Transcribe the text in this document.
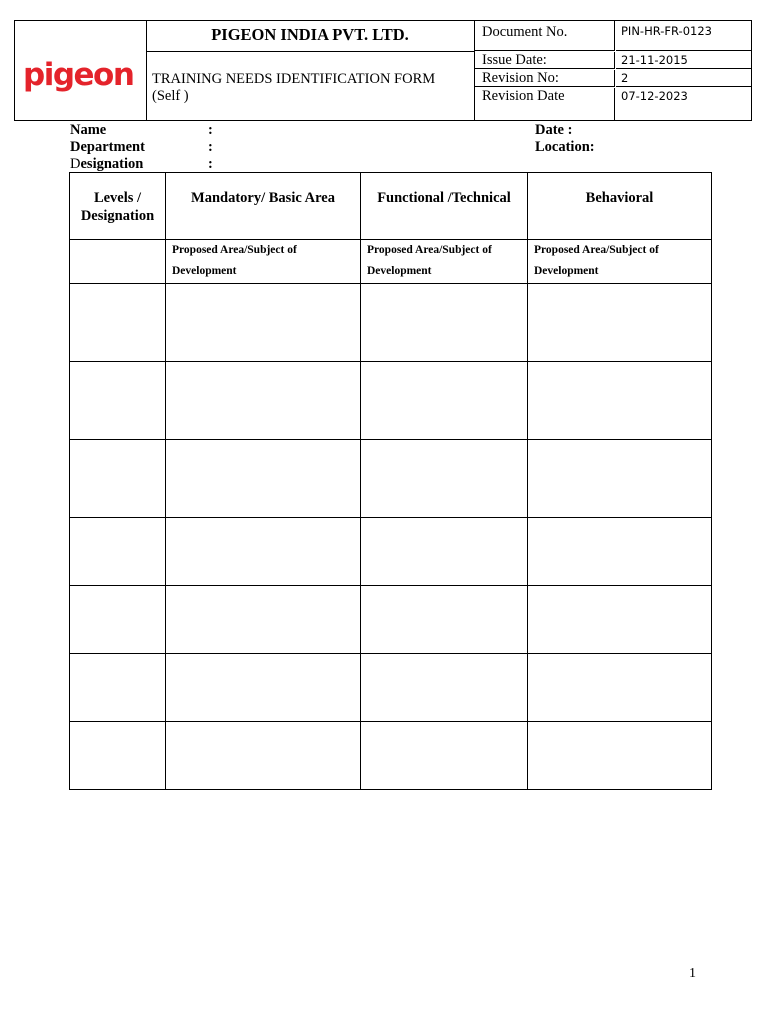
pigeon
PIGEON INDIA PVT. LTD.
TRAINING NEEDS IDENTIFICATION FORM
(Self )
Document No.	PIN-HR-FR-0123
Issue Date:	21-11-2015
Revision No:	2
Revision Date	07-12-2023
Name	:	Date :
Department	:	Location:
Designation	:
Levels / Designation	Mandatory/ Basic Area	Functional /Technical	Behavioral
	Proposed Area/Subject of Development	Proposed Area/Subject of Development	Proposed Area/Subject of Development

1
